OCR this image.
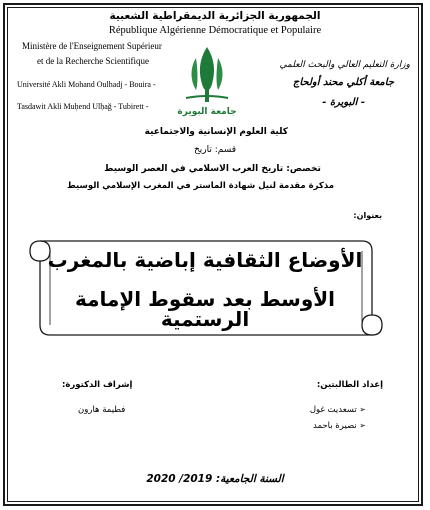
الجمهورية الجزائرية الديمقراطية الشعبية
République Algérienne Démocratique et Populaire
Ministère de l'Enseignement Supérieur
et de la Recherche Scientifique
Université Akli Mohand Oulhadj - Bouira -
Tasdawit Akli Muḥend Ulḥağ - Tubirett -
وزارة التعليم العالي والبحث العلمي
جامعة أكلي محند أولحاج
- البويرة -
جامعة البويرة
كلية العلوم الإنسانية والاجتماعية
قسم: تاريخ
تخصص: تاريخ العرب الاسلامي في العصر الوسيط
مذكرة مقدمة لنيل شهادة الماستر في المغرب الإسلامي الوسيط
بعنوان:
الأوضاع الثقافية إباضية بالمغرب
الأوسط بعد سقوط الإمامة الرستمية
إعداد الطالبتين:
➢ تسعديت غول
➢ نصيرة باحمد
إشراف الدكتورة:
فطيمة هارون
السنة الجامعية: 2019/ 2020
